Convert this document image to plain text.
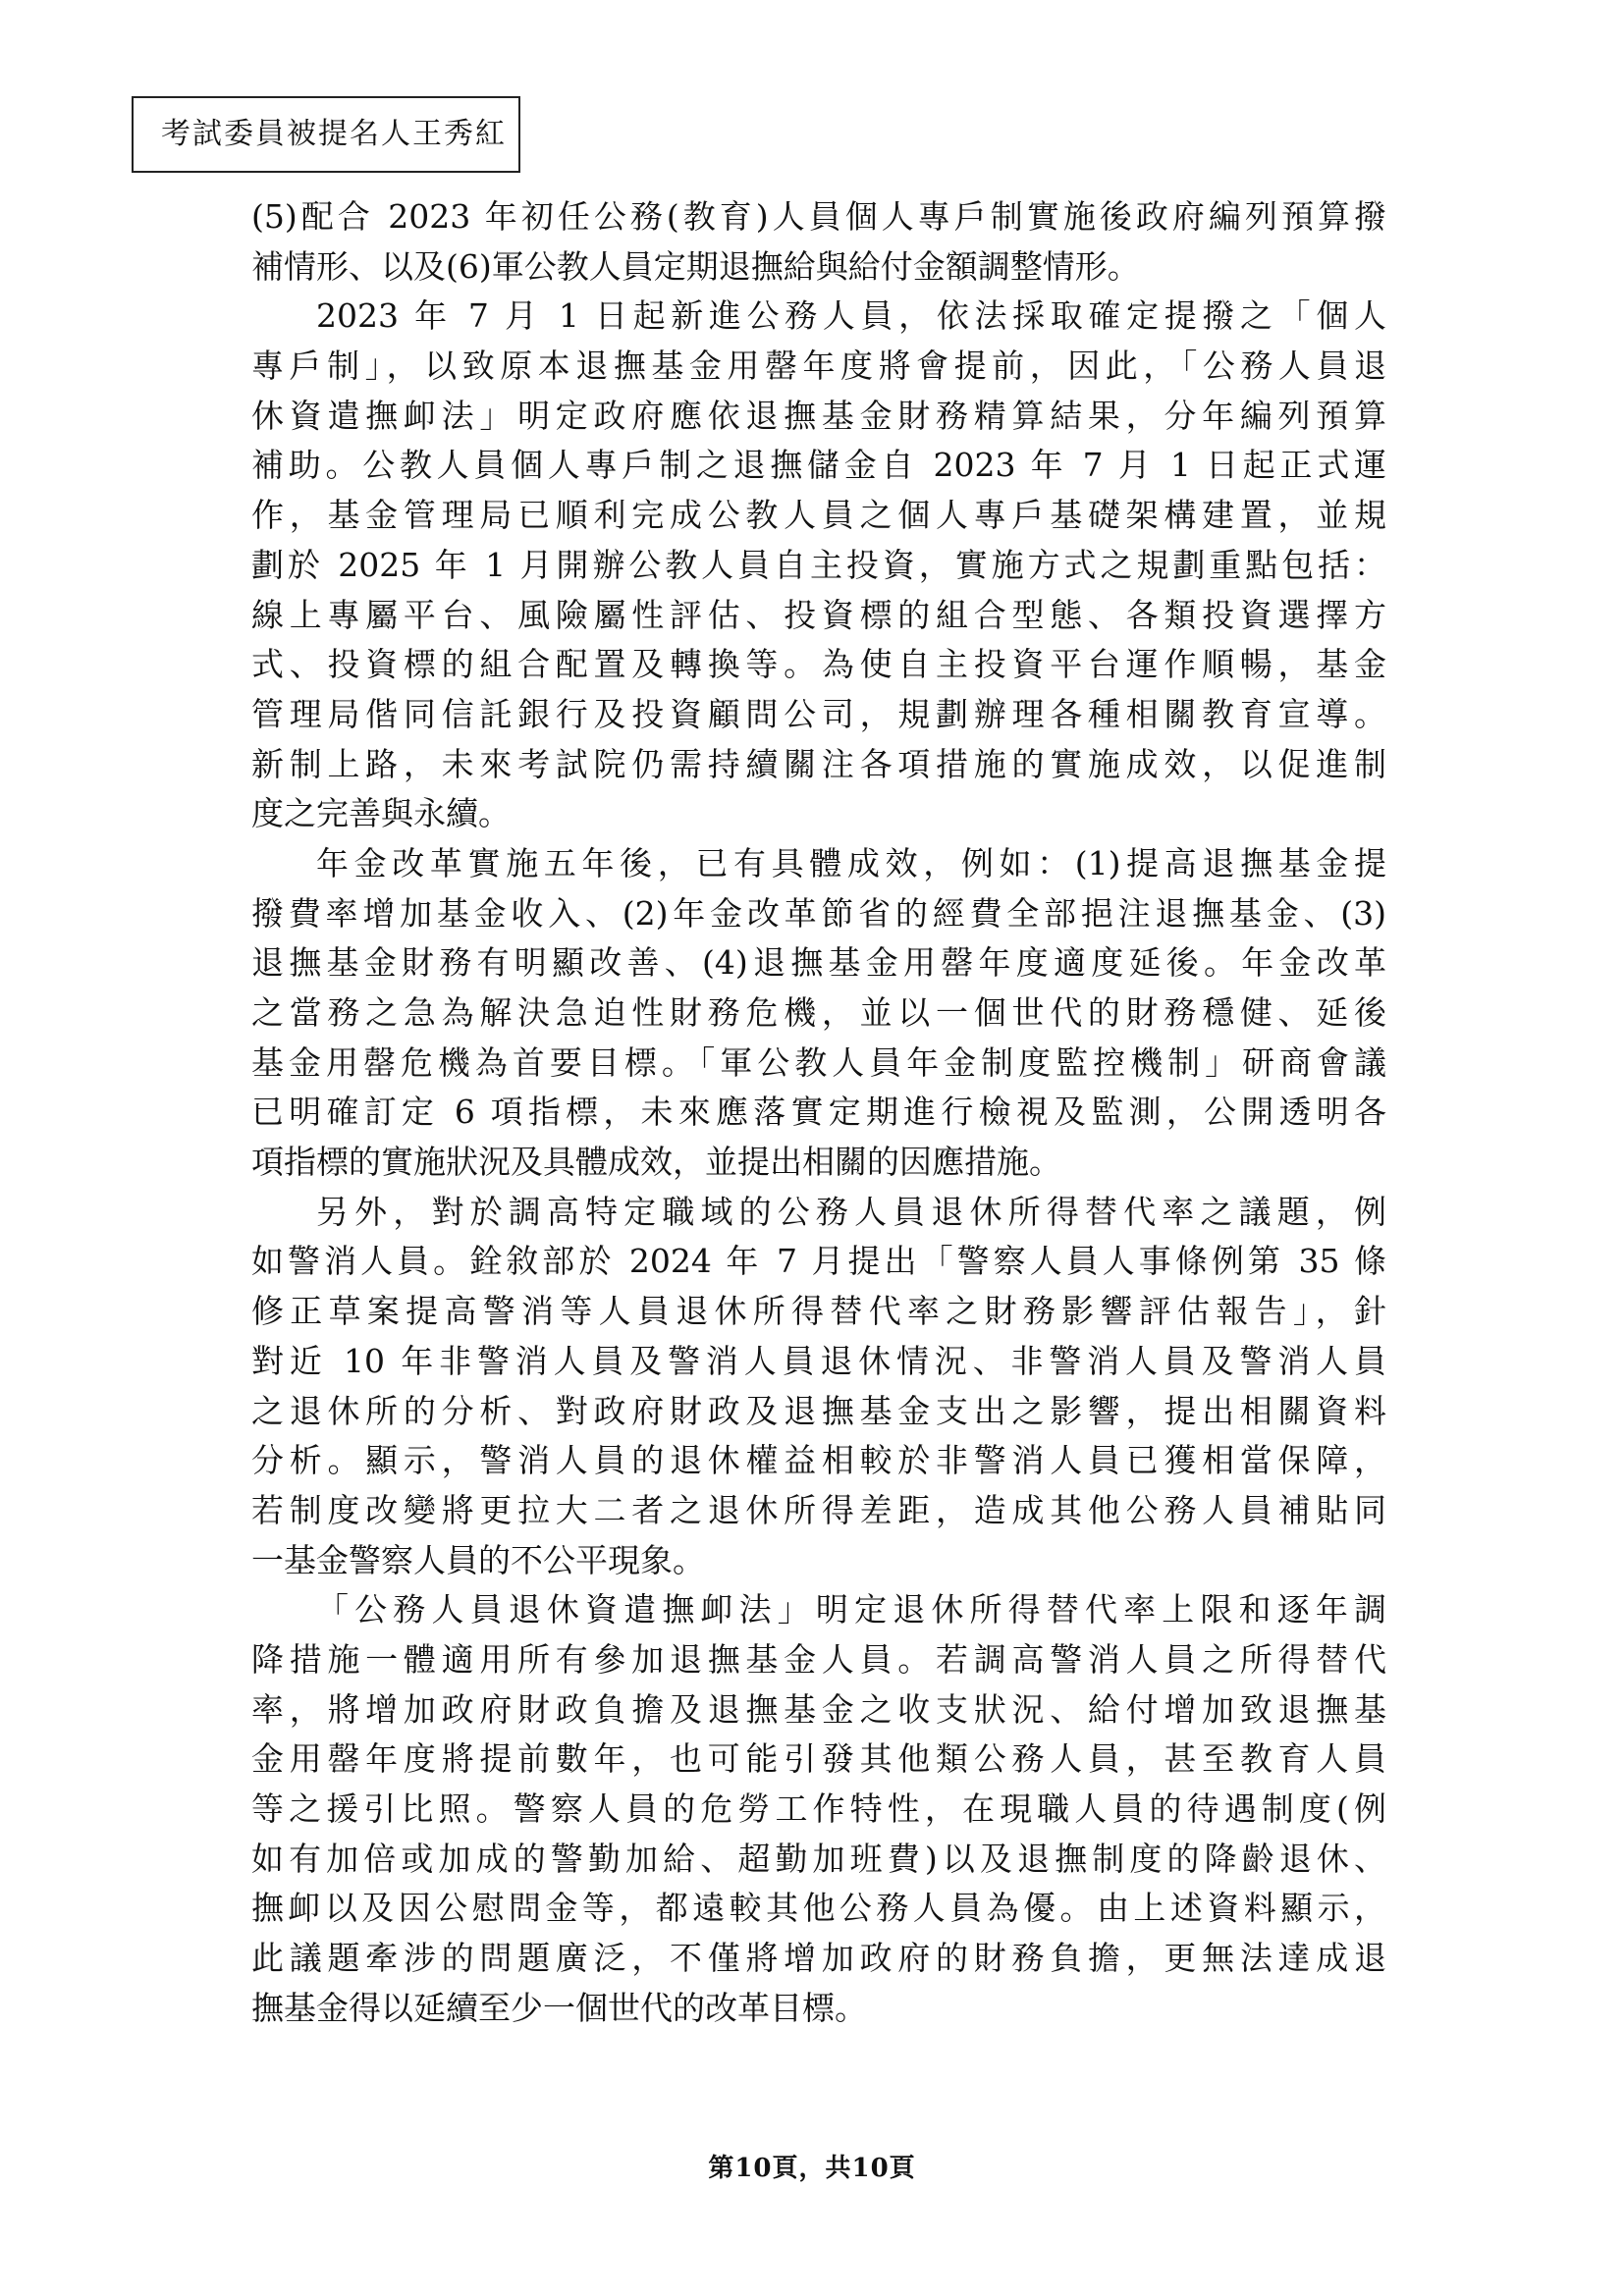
考試委員被提名人王秀紅
(5)配合 2023 年初任公務(教育)人員個人專戶制實施後政府編列預算撥
補情形、以及(6)軍公教人員定期退撫給與給付金額調整情形。
2023 年 7 月 1 日起新進公務人員，依法採取確定提撥之「個人
專戶制」，以致原本退撫基金用罄年度將會提前，因此，「公務人員退
休資遣撫卹法」明定政府應依退撫基金財務精算結果，分年編列預算
補助。公教人員個人專戶制之退撫儲金自 2023 年 7 月 1 日起正式運
作，基金管理局已順利完成公教人員之個人專戶基礎架構建置，並規
劃於 2025 年 1 月開辦公教人員自主投資，實施方式之規劃重點包括：
線上專屬平台、風險屬性評估、投資標的組合型態、各類投資選擇方
式、投資標的組合配置及轉換等。為使自主投資平台運作順暢，基金
管理局偕同信託銀行及投資顧問公司，規劃辦理各種相關教育宣導。
新制上路，未來考試院仍需持續關注各項措施的實施成效，以促進制
度之完善與永續。
年金改革實施五年後，已有具體成效，例如：(1)提高退撫基金提
撥費率增加基金收入、(2)年金改革節省的經費全部挹注退撫基金、(3)
退撫基金財務有明顯改善、(4)退撫基金用罄年度適度延後。年金改革
之當務之急為解決急迫性財務危機，並以一個世代的財務穩健、延後
基金用罄危機為首要目標。「軍公教人員年金制度監控機制」研商會議
已明確訂定 6 項指標，未來應落實定期進行檢視及監測，公開透明各
項指標的實施狀況及具體成效，並提出相關的因應措施。
另外，對於調高特定職域的公務人員退休所得替代率之議題，例
如警消人員。銓敘部於 2024 年 7 月提出「警察人員人事條例第 35 條
修正草案提高警消等人員退休所得替代率之財務影響評估報告」，針
對近 10 年非警消人員及警消人員退休情況、非警消人員及警消人員
之退休所的分析、對政府財政及退撫基金支出之影響，提出相關資料
分析。顯示，警消人員的退休權益相較於非警消人員已獲相當保障，
若制度改變將更拉大二者之退休所得差距，造成其他公務人員補貼同
一基金警察人員的不公平現象。
「公務人員退休資遣撫卹法」明定退休所得替代率上限和逐年調
降措施一體適用所有參加退撫基金人員。若調高警消人員之所得替代
率，將增加政府財政負擔及退撫基金之收支狀況、給付增加致退撫基
金用罄年度將提前數年，也可能引發其他類公務人員，甚至教育人員
等之援引比照。警察人員的危勞工作特性，在現職人員的待遇制度(例
如有加倍或加成的警勤加給、超勤加班費)以及退撫制度的降齡退休、
撫卹以及因公慰問金等，都遠較其他公務人員為優。由上述資料顯示，
此議題牽涉的問題廣泛，不僅將增加政府的財務負擔，更無法達成退
撫基金得以延續至少一個世代的改革目標。
第10頁，共10頁
